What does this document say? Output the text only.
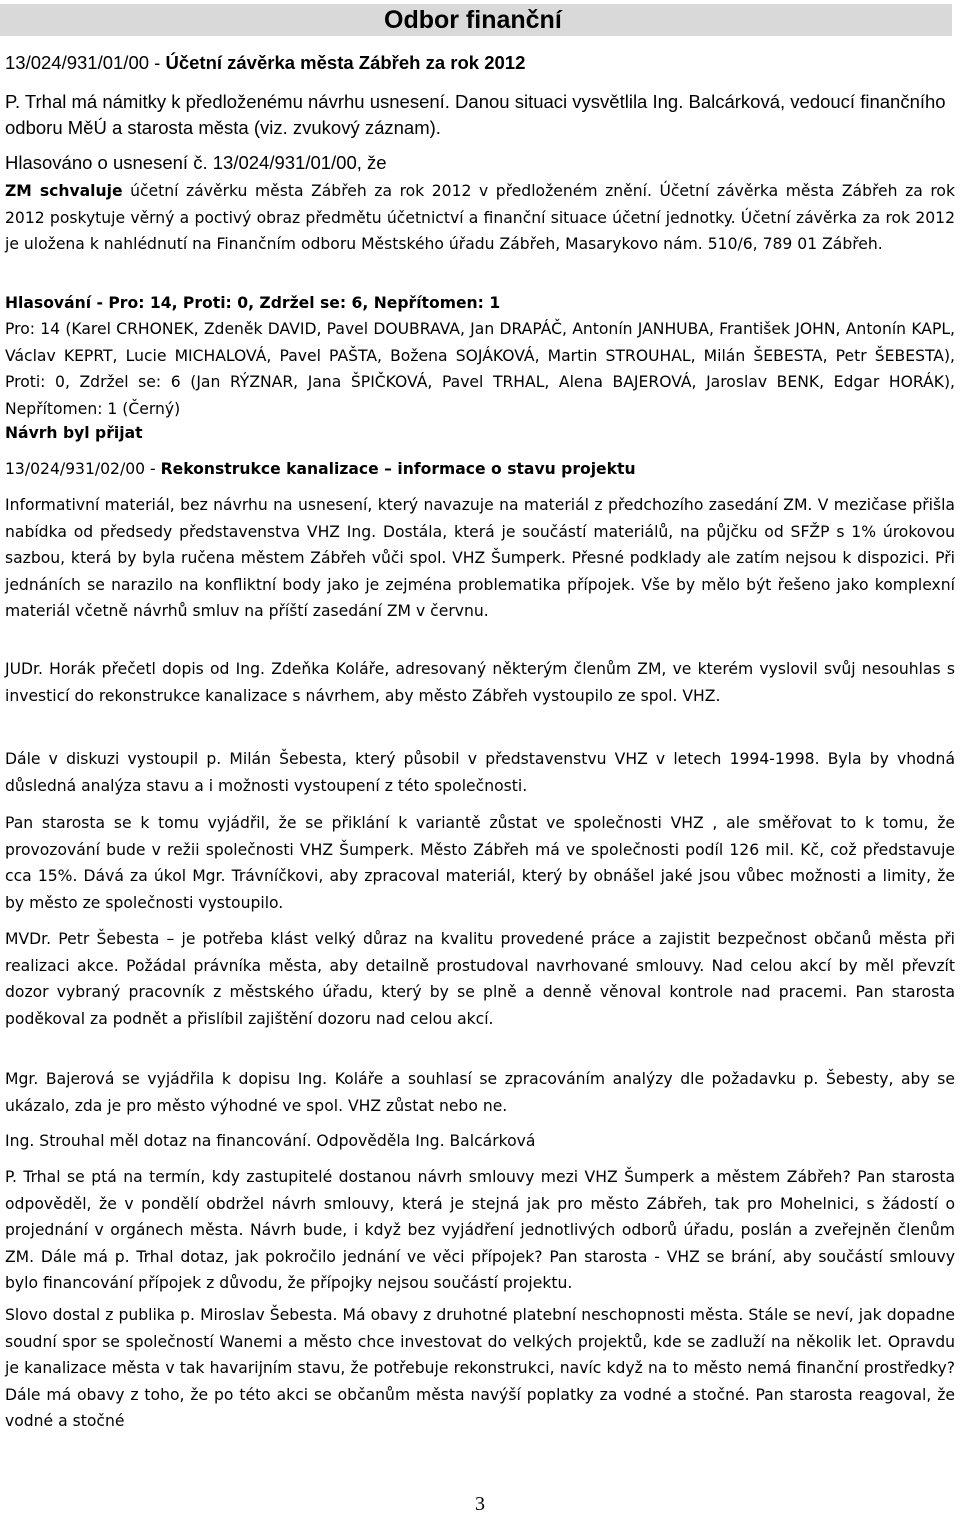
Odbor finanční
13/024/931/01/00 - Účetní závěrka města Zábřeh za rok 2012

P. Trhal má námitky k předloženému návrhu usnesení. Danou situaci vysvětlila Ing. Balcárková, vedoucí finančního odboru MěÚ a starosta města (viz. zvukový záznam).

Hlasováno o usnesení č. 13/024/931/01/00, že

ZM schvaluje účetní závěrku města Zábřeh za rok 2012 v předloženém znění. Účetní závěrka města Zábřeh za rok 2012 poskytuje věrný a poctivý obraz předmětu účetnictví a finanční situace účetní jednotky. Účetní závěrka za rok 2012 je uložena k nahlédnutí na Finančním odboru Městského úřadu Zábřeh, Masarykovo nám. 510/6, 789 01 Zábřeh.

Hlasování - Pro: 14, Proti: 0, Zdržel se: 6, Nepřítomen: 1

Pro: 14 (Karel CRHONEK, Zdeněk DAVID, Pavel DOUBRAVA, Jan DRAPÁČ, Antonín JANHUBA, František JOHN, Antonín KAPL, Václav KEPRT, Lucie MICHALOVÁ, Pavel PAŠTA, Božena SOJÁKOVÁ, Martin STROUHAL, Milán ŠEBESTA, Petr ŠEBESTA), Proti: 0, Zdržel se: 6 (Jan RÝZNAR, Jana ŠPIČKOVÁ, Pavel TRHAL, Alena BAJEROVÁ, Jaroslav BENK, Edgar HORÁK), Nepřítomen: 1 (Černý)

Návrh byl přijat

13/024/931/02/00 - Rekonstrukce kanalizace – informace o stavu projektu

Informativní materiál, bez návrhu na usnesení, který navazuje na materiál z předchozího zasedání ZM. V mezičase přišla nabídka od předsedy představenstva VHZ Ing. Dostála, která je součástí materiálů, na půjčku od SFŽP s 1% úrokovou sazbou, která by byla ručena městem Zábřeh vůči spol. VHZ Šumperk. Přesné podklady ale zatím nejsou k dispozici. Při jednáních se narazilo na konfliktní body jako je zejména problematika přípojek. Vše by mělo být řešeno jako komplexní materiál včetně návrhů smluv na příští zasedání ZM v červnu.

JUDr. Horák přečetl dopis od Ing. Zdeňka Koláře, adresovaný některým členům ZM, ve kterém vyslovil svůj nesouhlas s investicí do rekonstrukce kanalizace s návrhem, aby město Zábřeh vystoupilo ze spol. VHZ.

Dále v diskuzi vystoupil p. Milán Šebesta, který působil v představenstvu VHZ v letech 1994-1998. Byla by vhodná důsledná analýza stavu a i možnosti vystoupení z této společnosti.

Pan starosta se k tomu vyjádřil, že se přiklání k variantě zůstat ve společnosti VHZ , ale směřovat to k tomu, že provozování bude v režii společnosti VHZ Šumperk. Město Zábřeh má ve společnosti podíl 126 mil. Kč, což představuje cca 15%. Dává za úkol Mgr. Trávníčkovi, aby zpracoval materiál, který by obnášel jaké jsou vůbec možnosti a limity, že by město ze společnosti vystoupilo.

MVDr. Petr Šebesta – je potřeba klást velký důraz na kvalitu provedené práce a zajistit bezpečnost občanů města při realizaci akce. Požádal právníka města, aby detailně prostudoval navrhované smlouvy. Nad celou akcí by měl převzít dozor vybraný pracovník z městského úřadu, který by se plně a denně věnoval kontrole nad pracemi. Pan starosta poděkoval za podnět a přislíbil zajištění dozoru nad celou akcí.

Mgr. Bajerová se vyjádřila k dopisu Ing. Koláře a souhlasí se zpracováním analýzy dle požadavku p. Šebesty, aby se ukázalo, zda je pro město výhodné ve spol. VHZ zůstat nebo ne.

Ing. Strouhal měl dotaz na financování. Odpověděla Ing. Balcárková

P. Trhal se ptá na termín, kdy zastupitelé dostanou návrh smlouvy mezi VHZ Šumperk a městem Zábřeh? Pan starosta odpověděl, že v pondělí obdržel návrh smlouvy, která je stejná jak pro město Zábřeh, tak pro Mohelnici, s žádostí o projednání v orgánech města. Návrh bude, i když bez vyjádření jednotlivých odborů úřadu, poslán a zveřejněn členům ZM. Dále má p. Trhal dotaz, jak pokročilo jednání ve věci přípojek? Pan starosta - VHZ se brání, aby součástí smlouvy bylo financování přípojek z důvodu, že přípojky nejsou součástí projektu.

Slovo dostal z publika p. Miroslav Šebesta. Má obavy z druhotné platební neschopnosti města. Stále se neví, jak dopadne soudní spor se společností Wanemi a město chce investovat do velkých projektů, kde se zadluží na několik let. Opravdu je kanalizace města v tak havarijním stavu, že potřebuje rekonstrukci, navíc když na to město nemá finanční prostředky? Dále má obavy z toho, že po této akci se občanům města navýší poplatky za vodné a stočné. Pan starosta reagoval, že vodné a stočné

3
